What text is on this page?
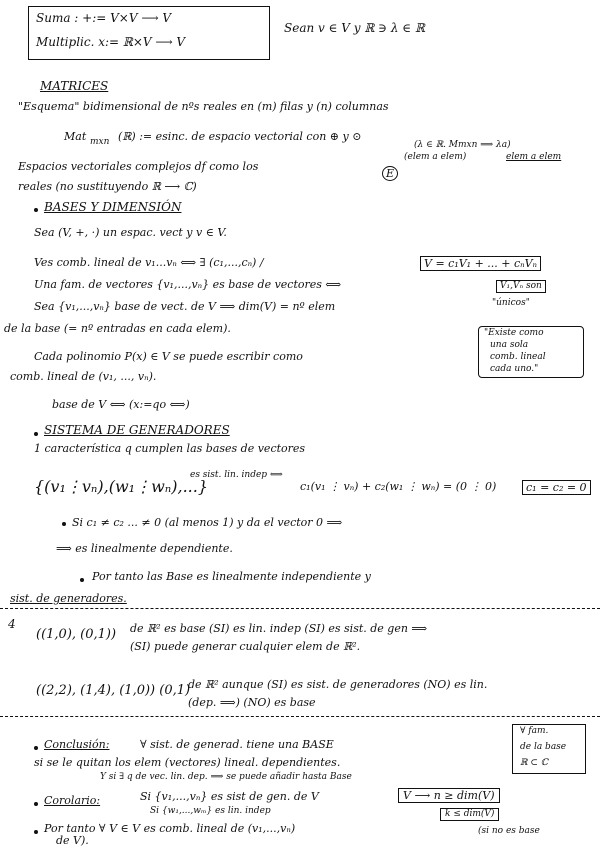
Suma : +:= V×V ⟶ V
Multiplic. x:= ℝ×V ⟶ V
Sean v ∈ V y ℝ ∋ λ ∈ ℝ
MATRICES
"Esquema" bidimensional de nºs reales en (m) filas y (n) columnas
Mat mxn (ℝ) := esinc. de espacio vectorial con ⊕ y ⊙
(λ ∈ ℝ. Mmxn ⟹ λa)
(elem a elem)	elem a elem
Espacios vectoriales complejos df como los
reales (no sustituyendo ℝ ⟶ ℂ)
E
BASES Y DIMENSIÓN
Sea (V, +, ·) un espac. vect y v ∈ V.
Ves comb. lineal de v₁...vₙ ⟺ ∃ (c₁,...,cₙ) /	V = c₁V₁ + ... + cₙVₙ
Una fam. de vectores {v₁,...,vₙ} es base de vectores ⟺	V₁,Vₙ son
Sea {v₁,...,vₙ} base de vect. de V ⟹ dim(V) = nº elem	"únicos"
de la base (= nº entradas en cada elem).	"Existe como
una sola
comb. lineal
cada uno."
Cada polinomio P(x) ∈ V se puede escribir como
comb. lineal de (v₁, ..., vₙ).
base de V ⟺ (x:=qo ⟺)
SISTEMA DE GENERADORES
1 característica q cumplen las bases de vectores
{(v₁⋮vₙ),(w₁⋮wₙ),...}
es sist. lin. indep ⟺
c₁(v₁ ⋮ vₙ) + c₂(w₁ ⋮ wₙ) = (0 ⋮ 0)	c₁ = c₂ = 0
Si c₁ ≠ c₂ ... ≠ 0 (al menos 1) y da el vector 0 ⟹
⟹ es linealmente dependiente.
Por tanto las Base es linealmente independiente y
sist. de generadores.
4
((1,0), (0,1)) de ℝ² es base (SI) es lin. indep (SI) es sist. de gen ⟹
(SI) puede generar cualquier elem de ℝ².
((2,2), (1,4), (1,0)) (0,1)
de ℝ² aunque (SI) es sist. de generadores (NO) es lin.
(dep. ⟹) (NO) es base
Conclusión:	∀ sist. de generad. tiene una BASE
si se le quitan los elem (vectores) lineal. dependientes.
Y si ∃ q de vec. lin. dep. ⟹ se puede añadir hasta Base
∀ fam.
de la base
ℝ ⊂ ℂ
Corolario:	Si {v₁,...,vₙ} es sist de gen. de V
Si {w₁,...,wₘ} es lin. indep
V ⟶ n ≥ dim(V)
k ≤ dim(V)
Por tanto ∀ V ∈ V es comb. lineal de (v₁,...,vₙ)	(si no es base
de V).
